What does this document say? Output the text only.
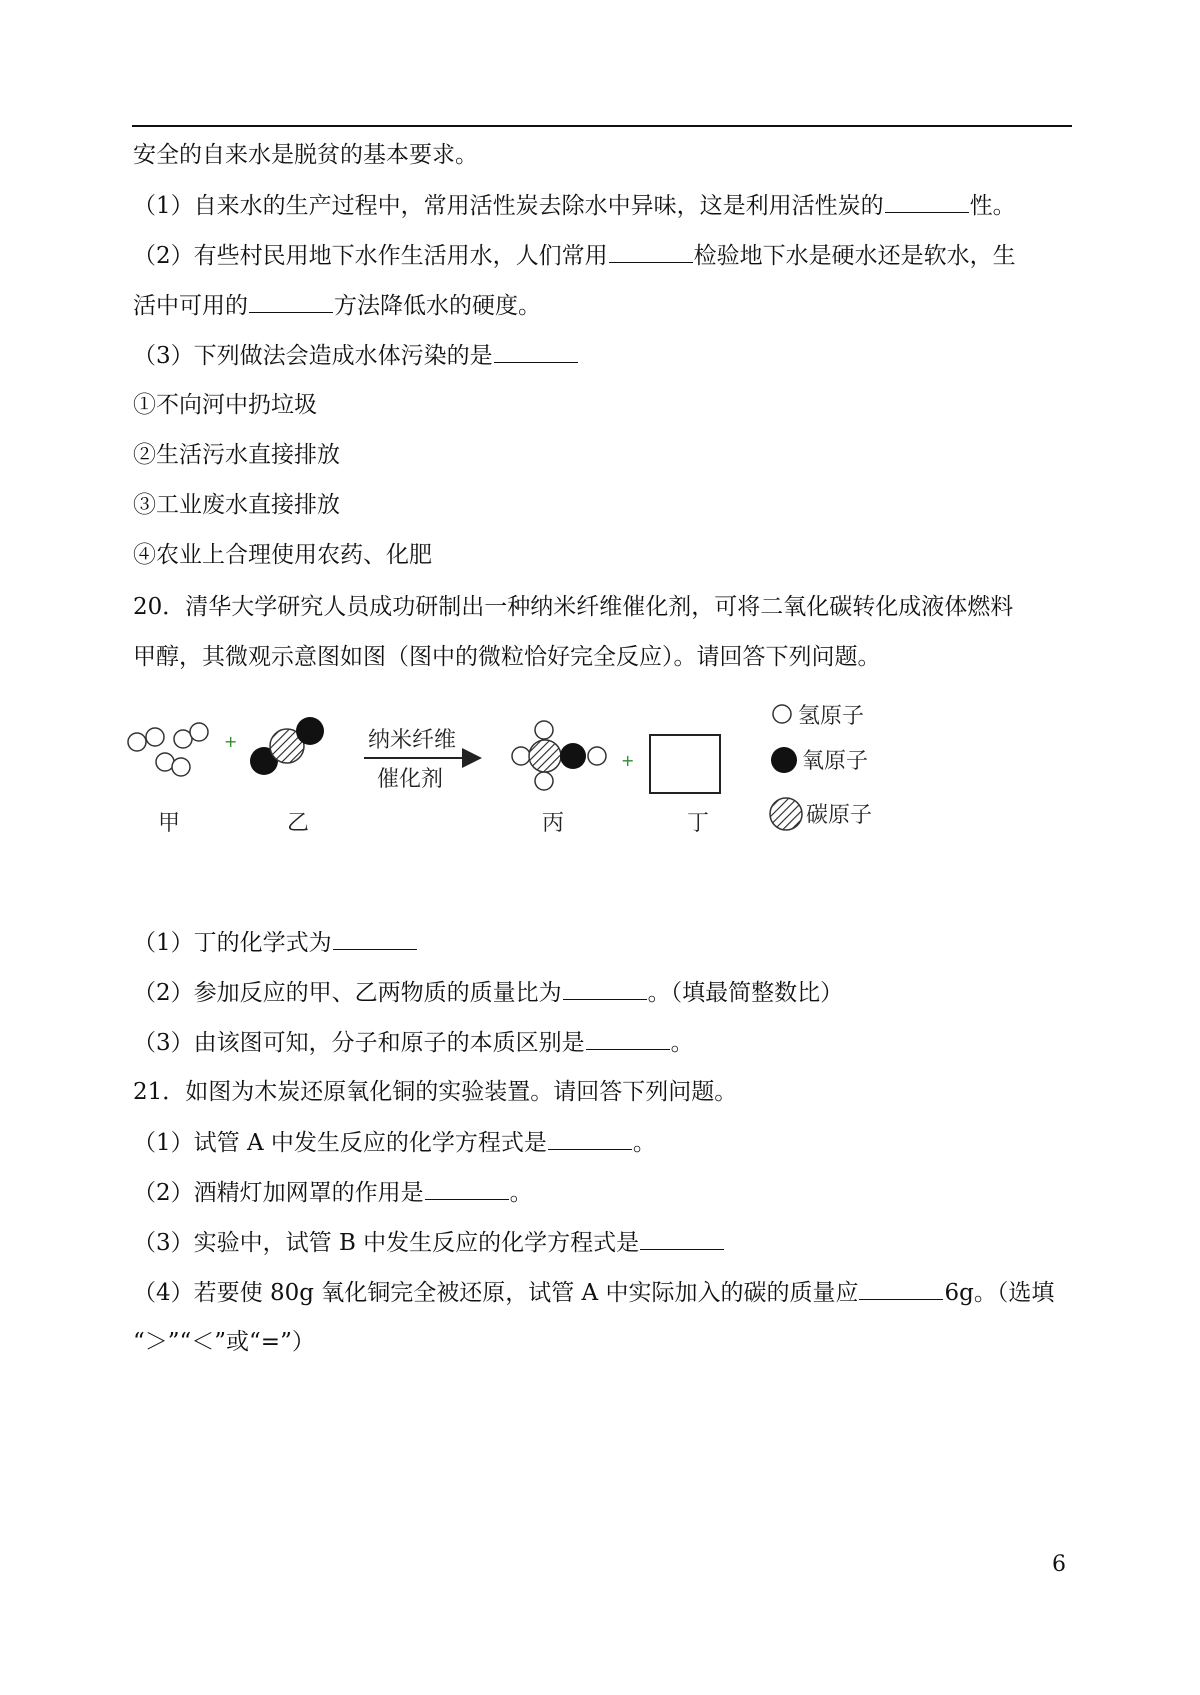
安全的自来水是脱贫的基本要求。
（1）自来水的生产过程中，常用活性炭去除水中异味，这是利用活性炭的	性。
（2）有些村民用地下水作生活用水，人们常用	检验地下水是硬水还是软水，生
活中可用的	方法降低水的硬度。
（3）下列做法会造成水体污染的是
①不向河中扔垃圾
②生活污水直接排放
③工业废水直接排放
④农业上合理使用农药、化肥
20．清华大学研究人员成功研制出一种纳米纤维催化剂，可将二氧化碳转化成液体燃料
甲醇，其微观示意图如图（图中的微粒恰好完全反应）。请回答下列问题。
+	纳米纤维
催化剂
+
甲	乙	丙	丁
氢原子
氧原子
碳原子
（1）丁的化学式为
（2）参加反应的甲、乙两物质的质量比为	。（填最简整数比）
（3）由该图可知，分子和原子的本质区别是	。
21．如图为木炭还原氧化铜的实验装置。请回答下列问题。
（1）试管 A 中发生反应的化学方程式是	。
（2）酒精灯加网罩的作用是	。
（3）实验中，试管 B 中发生反应的化学方程式是
（4）若要使 80g 氧化铜完全被还原，试管 A 中实际加入的碳的质量应	6g。（选填
“＞”“＜”或“=”）
6
